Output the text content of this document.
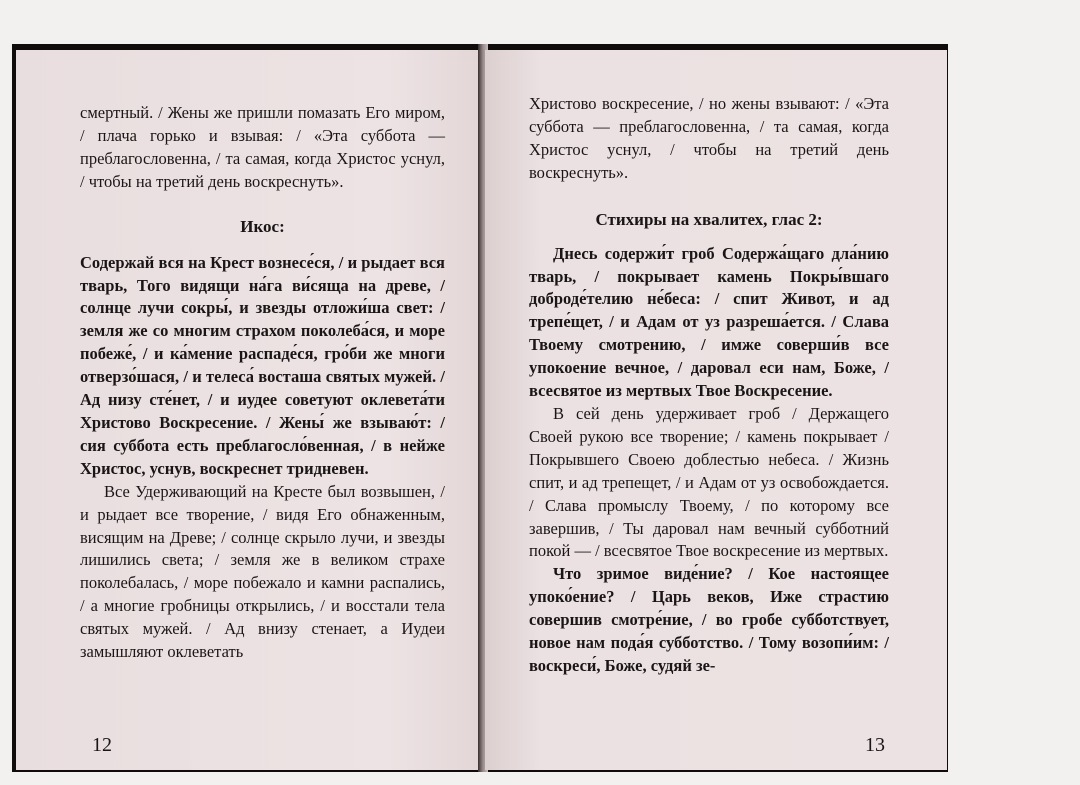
смертный. / Жены же пришли помазать Его миром, / плача горько и взывая: / «Эта суббота — преблагословенна, / та самая, когда Христос уснул, / чтобы на третий день воскреснуть».

Икос:

Содержай вся на Крест вознесе́ся, / и рыдает вся тварь, Того видящи на́га ви́сяща на древе, / солнце лучи сокры́, и звезды отложи́ша свет: / земля же со многим страхом поколеба́ся, и море побеже́, / и ка́мение распаде́ся, гро́би же многи отверзо́шася, / и телеса́ восташа святых мужей. / Ад низу сте́нет, / и иудее советуют оклевета́ти Христово Воскресение. / Жены́ же взываю́т: / сия суббота есть преблагосло́венная, / в нейже Христос, уснув, воскреснет тридневен.

Все Удерживающий на Кресте был возвышен, / и рыдает все творение, / видя Его обнаженным, висящим на Древе; / солнце скрыло лучи, и звезды лишились света; / земля же в великом страхе поколебалась, / море побежало и камни распались, / а многие гробницы открылись, / и восстали тела святых мужей. / Ад внизу стенает, а Иудеи замышляют оклеветать

12

Христово воскресение, / но жены взывают: / «Эта суббота — преблагословенна, / та самая, когда Христос уснул, / чтобы на третий день воскреснуть».

Стихиры на хвалитех, глас 2:

Днесь содержи́т гроб Содержа́щаго дла́нию тварь, / покрывает камень Покры́вшаго доброде́телию не́беса: / спит Живот, и ад трепе́щет, / и Адам от уз разреша́ется. / Слава Твоему смотрению, / имже соверши́в все упокоение вечное, / даровал еси нам, Боже, / всесвятое из мертвых Твое Воскресение.

В сей день удерживает гроб / Держащего Своей рукою все творение; / камень покрывает / Покрывшего Своею доблестью небеса. / Жизнь спит, и ад трепещет, / и Адам от уз освобождается. / Слава промыслу Твоему, / по которому все завершив, / Ты даровал нам вечный субботний покой — / всесвятое Твое воскресение из мертвых.

Что зримое виде́ние? / Кое настоящее упоко́ение? / Царь веков, Иже страстию совершив смотре́ние, / во гробе субботствует, новое нам пода́я субботство. / Тому возопи́им: / воскреси́, Боже, судяй зе-

13
